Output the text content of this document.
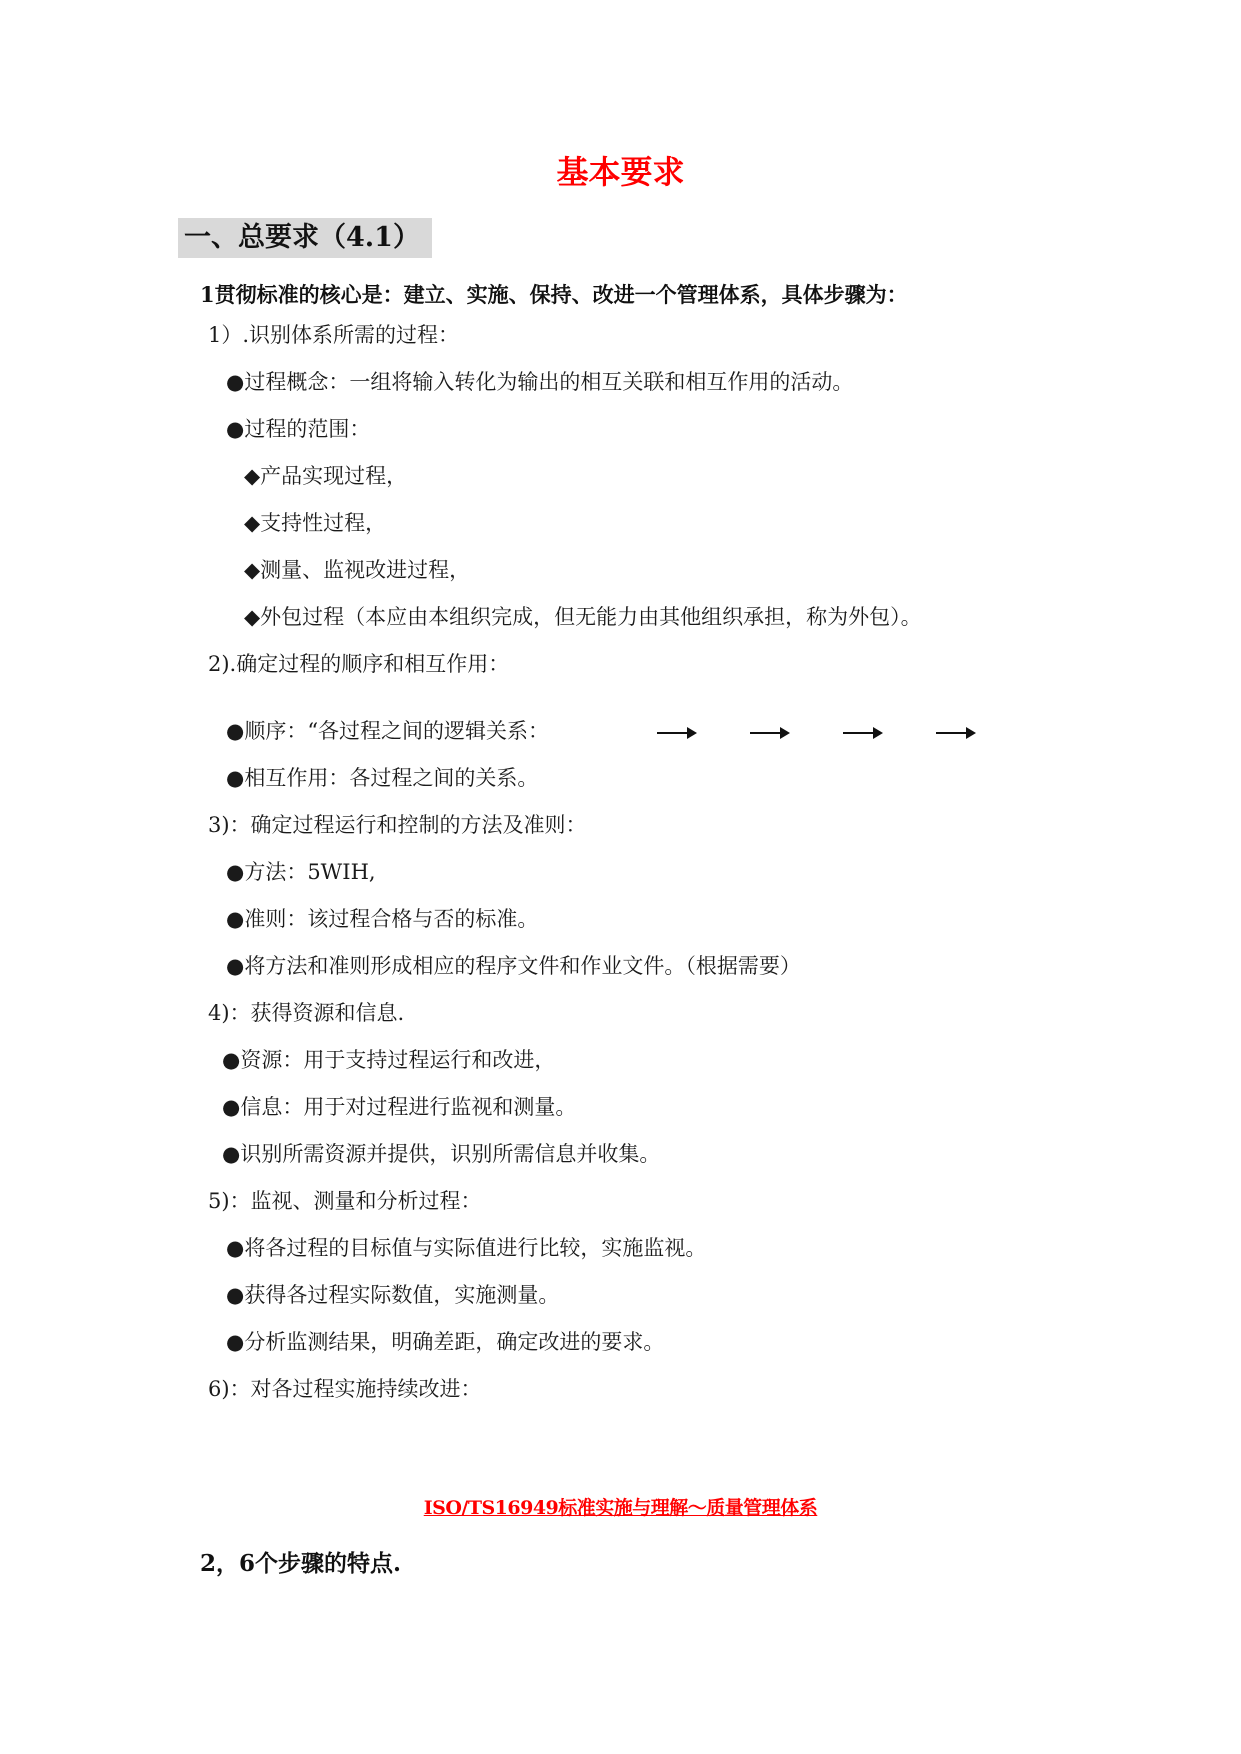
基本要求
一、总要求（4.1）
1贯彻标准的核心是：建立、实施、保持、改进一个管理体系，具体步骤为：
1）.识别体系所需的过程：
●过程概念：一组将输入转化为输出的相互关联和相互作用的活动。
●过程的范围：
◆产品实现过程，
◆支持性过程，
◆测量、监视改进过程，
◆外包过程（本应由本组织完成，但无能力由其他组织承担，称为外包）。
2).确定过程的顺序和相互作用：
●顺序：“各过程之间的逻辑关系：
●相互作用：各过程之间的关系。
3)：确定过程运行和控制的方法及准则：
●方法：5WIH,
●准则：该过程合格与否的标准。
●将方法和准则形成相应的程序文件和作业文件。（根据需要）
4)：获得资源和信息.
●资源：用于支持过程运行和改进，
●信息：用于对过程进行监视和测量。
●识别所需资源并提供，识别所需信息并收集。
5)：监视、测量和分析过程：
●将各过程的目标值与实际值进行比较，实施监视。
●获得各过程实际数值，实施测量。
●分析监测结果，明确差距，确定改进的要求。
6)：对各过程实施持续改进：
ISO/TS16949标准实施与理解～质量管理体系
2，6个步骤的特点.
